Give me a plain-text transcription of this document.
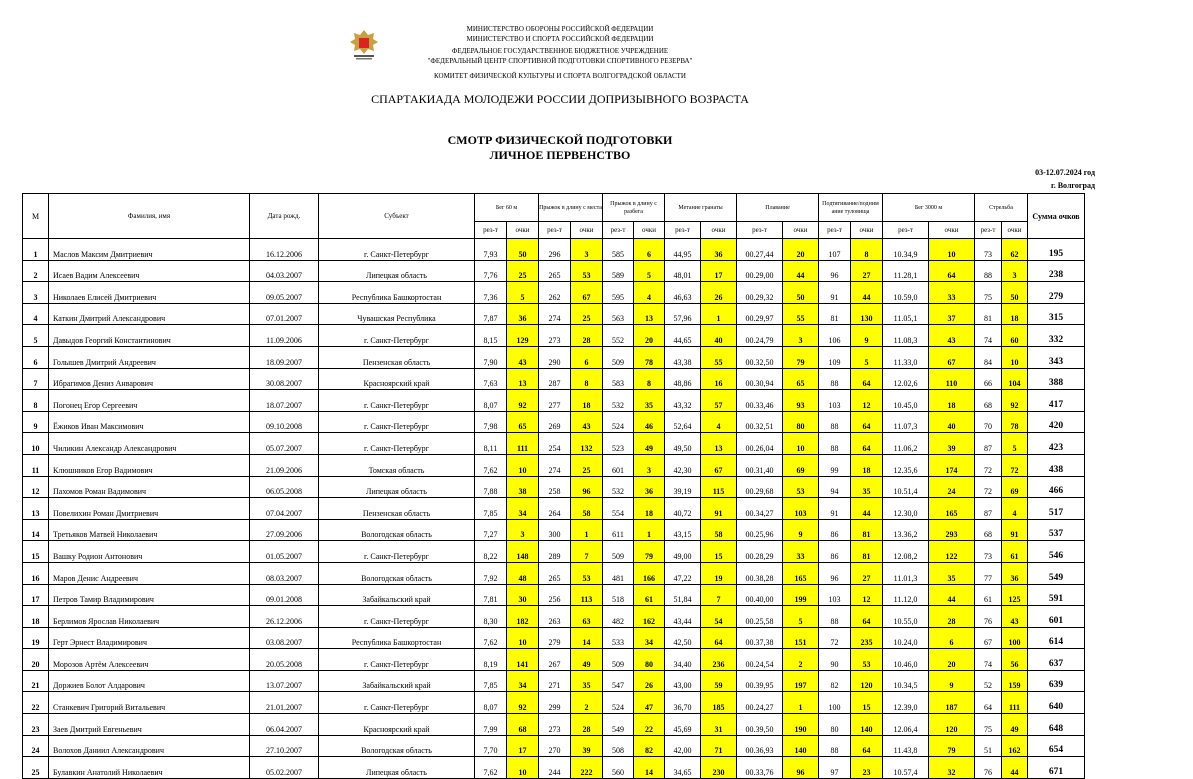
МИНИСТЕРСТВО ОБОРОНЫ РОССИЙСКОЙ ФЕДЕРАЦИИ
МИНИСТЕРСТВО И СПОРТА РОССИЙСКОЙ ФЕДЕРАЦИИ
ФЕДЕРАЛЬНОЕ ГОСУДАРСТВЕННОЕ БЮДЖЕТНОЕ УЧРЕЖДЕНИЕ
"ФЕДЕРАЛЬНЫЙ ЦЕНТР СПОРТИВНОЙ ПОДГОТОВКИ СПОРТИВНОГО РЕЗЕРВА"
КОМИТЕТ ФИЗИЧЕСКОЙ КУЛЬТУРЫ И СПОРТА ВОЛГОГРАДСКОЙ ОБЛАСТИ
СПАРТАКИАДА МОЛОДЕЖИ РОССИИ ДОПРИЗЫВНОГО ВОЗРАСТА
СМОТР ФИЗИЧЕСКОЙ ПОДГОТОВКИ
ЛИЧНОЕ ПЕРВЕНСТВО
03-12.07.2024 год
г. Волгоград
М	Фамилия, имя	Дата рожд.	Субъект	Бег 60 м		Прыжок в длину с места		Прыжок в длину с разбега		Метание гранаты		Плавание		Подтягивание/подним ание туловища		Бег 3000 м		Стрельба		Сумма очков
				рез-т	очки	рез-т	очки	рез-т	очки	рез-т	очки	рез-т	очки	рез-т	очки	рез-т	очки	рез-т	очки	
1	Маслов Максим Дмитриевич	16.12.2006	г. Санкт-Петербург	7,93	50	296	3	585	6	44,95	36	00.27,44	20	107	8	10.34,9	10	73	62	195
2	Исаев Вадим Алексеевич	04.03.2007	Липецкая область	7,76	25	265	53	589	5	48,01	17	00.29,00	44	96	27	11.28,1	64	88	3	238
3	Николаев Елисей Дмитриевич	09.05.2007	Республика Башкортостан	7,36	5	262	67	595	4	46,63	26	00.29,32	50	91	44	10.59,0	33	75	50	279
4	Каткин Дмитрий Александрович	07.01.2007	Чувашская Республика	7,87	36	274	25	563	13	57,96	1	00.29,97	55	81	130	11.05,1	37	81	18	315
5	Давыдов Георгий Константинович	11.09.2006	г. Санкт-Петербург	8,15	129	273	28	552	20	44,65	40	00.24,79	3	106	9	11.08,3	43	74	60	332
6	Голышев Дмитрий Андреевич	18.09.2007	Пензенская область	7,90	43	290	6	509	78	43,38	55	00.32,50	79	109	5	11.33,0	67	84	10	343
7	Ибрагимов Дениз Анварович	30.08.2007	Красноярский край	7,63	13	287	8	583	8	48,86	16	00.30,94	65	88	64	12.02,6	110	66	104	388
8	Погонец Егор Сергеевич	18.07.2007	г. Санкт-Петербург	8,07	92	277	18	532	35	43,32	57	00.33,46	93	103	12	10.45,0	18	68	92	417
9	Ёжиков Иван Максимович	09.10.2008	г. Санкт-Петербург	7,98	65	269	43	524	46	52,64	4	00.32,51	80	88	64	11.07,3	40	70	78	420
10	Чиликин Александр Александрович	05.07.2007	г. Санкт-Петербург	8,11	111	254	132	523	49	49,50	13	00.26,04	10	88	64	11.06,2	39	87	5	423
11	Клюшников Егор Вадимович	21.09.2006	Томская область	7,62	10	274	25	601	3	42,30	67	00.31,40	69	99	18	12.35,6	174	72	72	438
12	Пахомов Роман Вадимович	06.05.2008	Липецкая область	7,88	38	258	96	532	36	39,19	115	00.29,68	53	94	35	10.51,4	24	72	69	466
13	Повелихин Роман Дмитриевич	07.04.2007	Пензенская область	7,85	34	264	58	554	18	40,72	91	00.34,27	103	91	44	12.30,0	165	87	4	517
14	Третьяков Матвей Николаевич	27.09.2006	Вологодская область	7,27	3	300	1	611	1	43,15	58	00.25,96	9	86	81	13.36,2	293	68	91	537
15	Вашку Родион Антонович	01.05.2007	г. Санкт-Петербург	8,22	148	289	7	509	79	49,00	15	00.28,29	33	86	81	12.08,2	122	73	61	546
16	Маров Денис Андреевич	08.03.2007	Вологодская область	7,92	48	265	53	481	166	47,22	19	00.38,28	165	96	27	11.01,3	35	77	36	549
17	Петров Тамир Владимирович	09.01.2008	Забайкальский край	7,81	30	256	113	518	61	51,84	7	00.40,00	199	103	12	11.12,0	44	61	125	591
18	Берлимов Ярослав Николаевич	26.12.2006	г. Санкт-Петербург	8,30	182	263	63	482	162	43,44	54	00.25,58	5	88	64	10.55,0	28	76	43	601
19	Герт Эрнест Владимирович	03.08.2007	Республика Башкортостан	7,62	10	279	14	533	34	42,50	64	00.37,38	151	72	235	10.24,0	6	67	100	614
20	Морозов Артём Алексеевич	20.05.2008	г. Санкт-Петербург	8,19	141	267	49	509	80	34,40	236	00.24,54	2	90	53	10.46,0	20	74	56	637
21	Доржиев Болот Алдарович	13.07.2007	Забайкальский край	7,85	34	271	35	547	26	43,00	59	00.39,95	197	82	120	10.34,5	9	52	159	639
22	Станкевич Григорий Витальевич	21.01.2007	г. Санкт-Петербург	8,07	92	299	2	524	47	36,70	185	00.24,27	1	100	15	12.39,0	187	64	111	640
23	Заев Дмитрий Евгеньевич	06.04.2007	Красноярский край	7,99	68	273	28	549	22	45,69	31	00.39,50	190	80	140	12.06,4	120	75	49	648
24	Волохов Даниил Александрович	27.10.2007	Вологодская область	7,70	17	270	39	508	82	42,00	71	00.36,93	140	88	64	11.43,8	79	51	162	654
25	Булавкин Анатолий Николаевич	05.02.2007	Липецкая область	7,62	10	244	222	560	14	34,65	230	00.33,76	96	97	23	10.57,4	32	76	44	671
